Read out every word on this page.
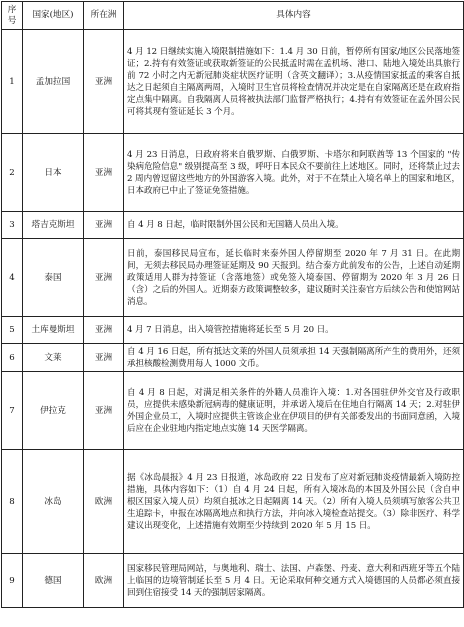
序号	国家(地区)	所在洲	具体内容
1	孟加拉国	亚洲	4 月 12 日继续实施入境限制措施如下：1.4 月 30 日前，暂停所有国家/地区公民落地签证；2.持有有效签证或获取新签证的公民抵孟时需在孟机场、港口、陆地入境处出具旅行前 72 小时之内无新冠肺炎症状医疗证明（含英文翻译）；3.从疫情国家抵孟的乘客自抵达之日起须自主隔离两周，入境时卫生官员将检查情况并决定是在自家隔离还是在政府指定点集中隔离。自我隔离人员将被执法部门监督严格执行；4.持有有效签证在孟外国公民可将其现有签证延长 3 个月。
2	日本	亚洲	4 月 23 日消息，日政府将来自俄罗斯、白俄罗斯、卡塔尔和阿联酋等 13 个国家的 "传染病危险信息" 级别提高至 3 级，呼吁日本民众不要前往上述地区。同时，还将禁止过去 2 周内曾逗留这些地方的外国游客入境。此外，对于不在禁止入境名单上的国家和地区，日本政府已中止了签证免签措施。
3	塔吉克斯坦	亚洲	自 4 月 8 日起，临时限制外国公民和无国籍人员出入境。
4	泰国	亚洲	日前，泰国移民局宣布，延长临时来泰外国人停留期至 2020 年 7 月 31 日。在此期间，无须去移民局办理签证延期及 90 天报到。结合泰方此前发布的公告，上述自动延期政策适用人群为持签证（含落地签）或免签入境泰国、停留期为 2020 年 3 月 26 日（含）之后的外国人。近期泰方政策调整较多，建议随时关注泰官方后续公告和使馆网站消息。
5	土库曼斯坦	亚洲	4 月 7 日消息，出入境管控措施将延长至 5 月 20 日。
6	文莱	亚洲	自 4 月 16 日起，所有抵达文莱的外国人员须承担 14 天强制隔离所产生的费用外，还须承担核酸检测费用每人 1000 文币。
7	伊拉克	亚洲	自 4 月 8 日起，对满足相关条件的外籍人员准许入境：1.对各国驻伊外交官及行政职员，应提供未感染新冠病毒的健康证明，并承诺入境后在住地自行隔离 14 天；2.对驻伊外国企业员工，入境时应提供主管该企业在伊项目的伊有关部委发出的书面同意函，入境后应在企业驻地内指定地点实施 14 天医学隔离。
8	冰岛	欧洲	据《冰岛晨报》4 月 23 日报道，冰岛政府 22 日发布了应对新冠肺炎疫情最新入境防控措施，具体内容如下：（1）自 4 月 24 日起，所有入境冰岛的本国及外国公民（含自申根区国家入境人员）均须自抵冰之日起隔离 14 天。（2）所有入境人员须填写旅客公共卫生追踪卡，申报在冰隔离地点和执行方法，并向冰入境检查站提交。（3）除非医疗、科学建议出现变化，上述措施有效期至少持续到 2020 年 5 月 15 日。
9	德国	欧洲	国家移民管理局网站，与奥地利、瑞士、法国、卢森堡、丹麦、意大利和西班牙等五个陆上临国的边境管制延长至 5 月 4 日。无论采取何种交通方式入境德国的人员都必须直接回到住宿接受 14 天的强制居家隔离。
